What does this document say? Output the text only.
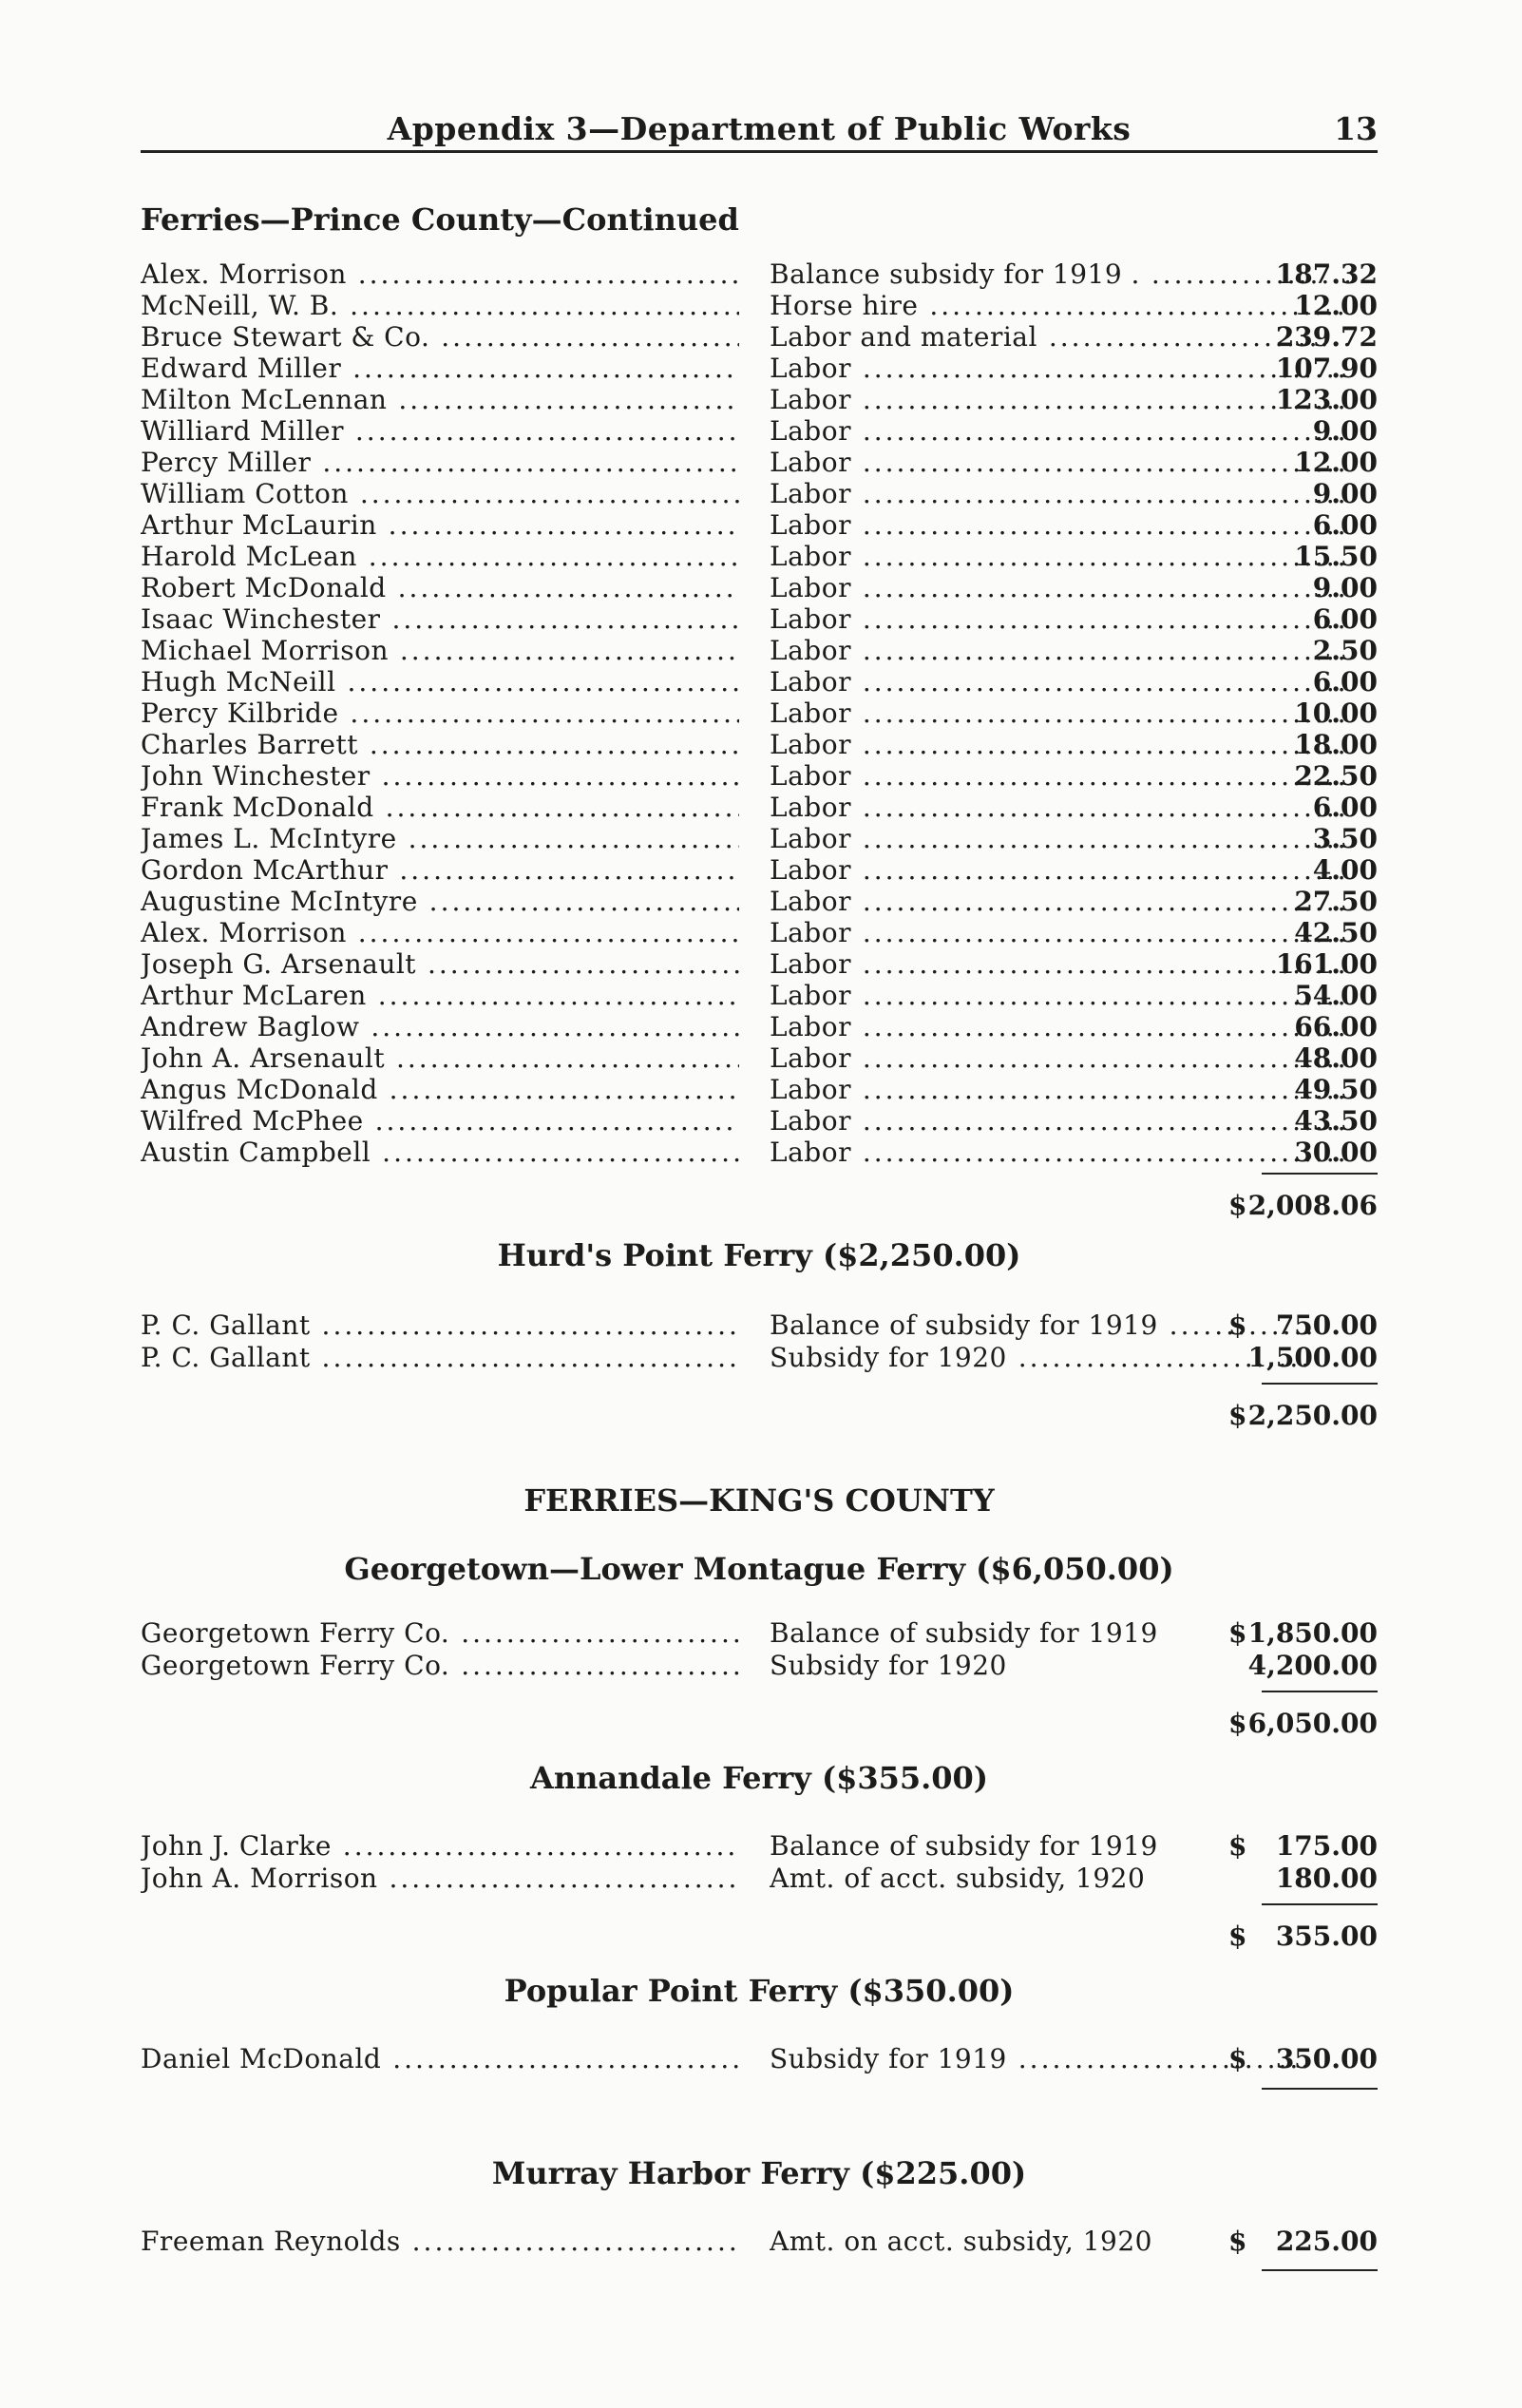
Appendix 3—Department of Public Works	13
Ferries—Prince County—Continued
Alex. Morrison .....	Balance subsidy for 1919 . .....	187.32
McNeill, W. B. .....	Horse hire .....	12.00
Bruce Stewart & Co. .....	Labor and material .....	239.72
Edward Miller .....	Labor .....	107.90
Milton McLennan .....	Labor .....	123.00
Williard Miller .....	Labor .....	9.00
Percy Miller .....	Labor .....	12.00
William Cotton .....	Labor .....	9.00
Arthur McLaurin .....	Labor .....	6.00
Harold McLean .....	Labor .....	15.50
Robert McDonald .....	Labor .....	9.00
Isaac Winchester .....	Labor .....	6.00
Michael Morrison .....	Labor .....	2.50
Hugh McNeill .....	Labor .....	6.00
Percy Kilbride .....	Labor .....	10.00
Charles Barrett .....	Labor .....	18.00
John Winchester .....	Labor .....	22.50
Frank McDonald .....	Labor .....	6.00
James L. McIntyre .....	Labor .....	3.50
Gordon McArthur .....	Labor .....	4.00
Augustine McIntyre .....	Labor .....	27.50
Alex. Morrison .....	Labor .....	42.50
Joseph G. Arsenault .....	Labor .....	161.00
Arthur McLaren .....	Labor .....	54.00
Andrew Baglow .....	Labor .....	66.00
John A. Arsenault .....	Labor .....	48.00
Angus McDonald .....	Labor .....	49.50
Wilfred McPhee .....	Labor .....	43.50
Austin Campbell .....	Labor .....	30.00
$ 2,008.06
Hurd's Point Ferry ($2,250.00)
P. C. Gallant .....	Balance of subsidy for 1919 .....	$ 750.00
P. C. Gallant .....	Subsidy for 1920 .....	1,500.00
$ 2,250.00
FERRIES—KING'S COUNTY
Georgetown—Lower Montague Ferry ($6,050.00)
Georgetown Ferry Co. .....	Balance of subsidy for 1919	$ 1,850.00
Georgetown Ferry Co. .....	Subsidy for 1920	4,200.00
$ 6,050.00
Annandale Ferry ($355.00)
John J. Clarke .....	Balance of subsidy for 1919	$ 175.00
John A. Morrison .....	Amt. of acct. subsidy, 1920	180.00
$ 355.00
Popular Point Ferry ($350.00)
Daniel McDonald .....	Subsidy for 1919 .....	$ 350.00
Murray Harbor Ferry ($225.00)
Freeman Reynolds .....	Amt. on acct. subsidy, 1920	$ 225.00
